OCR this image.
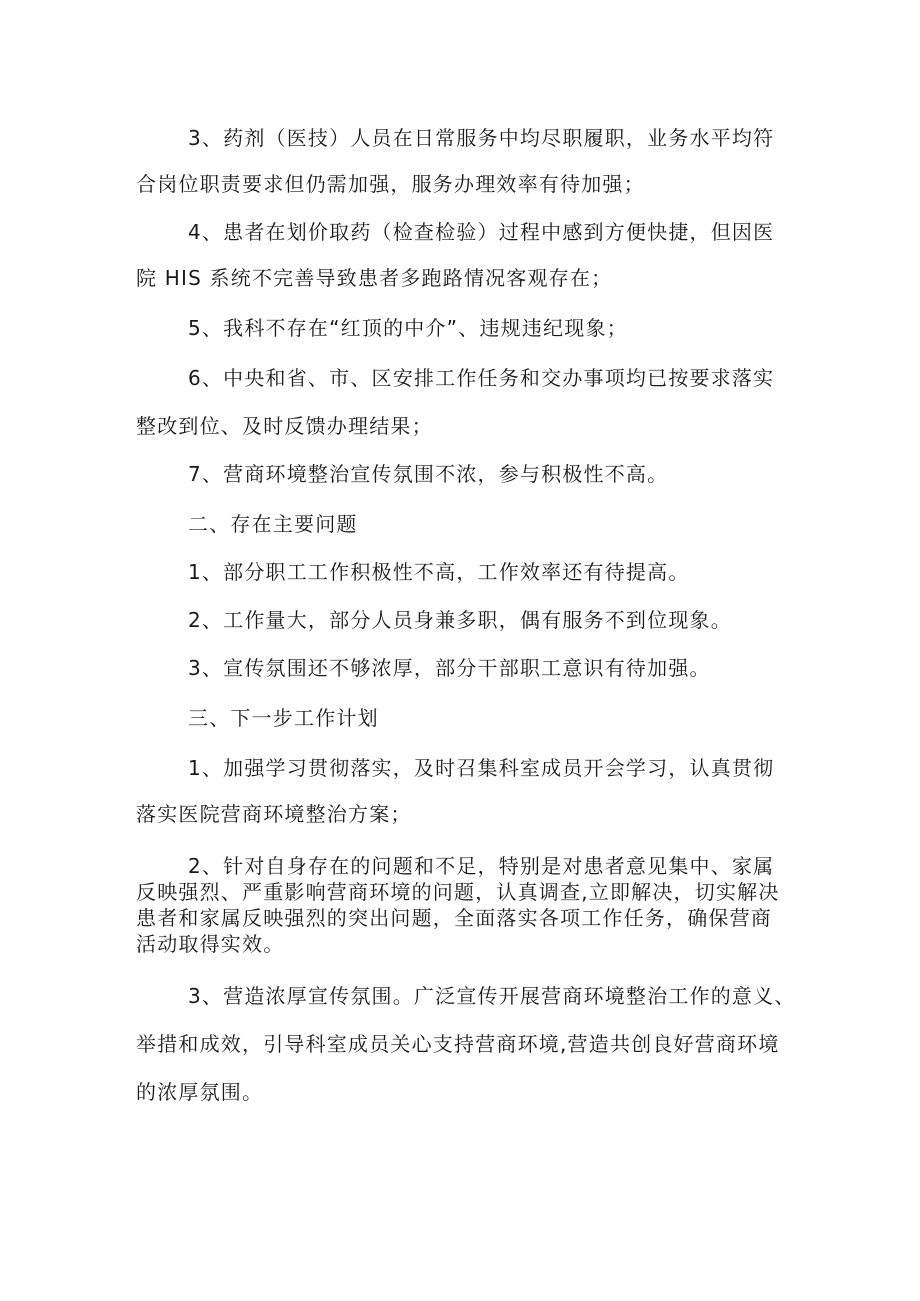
3、药剂（医技）人员在日常服务中均尽职履职，业务水平均符
合岗位职责要求但仍需加强，服务办理效率有待加强；
4、患者在划价取药（检查检验）过程中感到方便快捷，但因医
院 HIS 系统不完善导致患者多跑路情况客观存在；
5、我科不存在“红顶的中介”、违规违纪现象；
6、中央和省、市、区安排工作任务和交办事项均已按要求落实
整改到位、及时反馈办理结果；
7、营商环境整治宣传氛围不浓，参与积极性不高。
二、存在主要问题
1、部分职工工作积极性不高，工作效率还有待提高。
2、工作量大，部分人员身兼多职，偶有服务不到位现象。
3、宣传氛围还不够浓厚，部分干部职工意识有待加强。
三、下一步工作计划
1、加强学习贯彻落实，及时召集科室成员开会学习，认真贯彻
落实医院营商环境整治方案；
2、针对自身存在的问题和不足，特别是对患者意见集中、家属
反映强烈、严重影响营商环境的问题，认真调查,立即解决，切实解决
患者和家属反映强烈的突出问题，全面落实各项工作任务，确保营商
活动取得实效。
3、营造浓厚宣传氛围。广泛宣传开展营商环境整治工作的意义、
举措和成效，引导科室成员关心支持营商环境,营造共创良好营商环境
的浓厚氛围。
